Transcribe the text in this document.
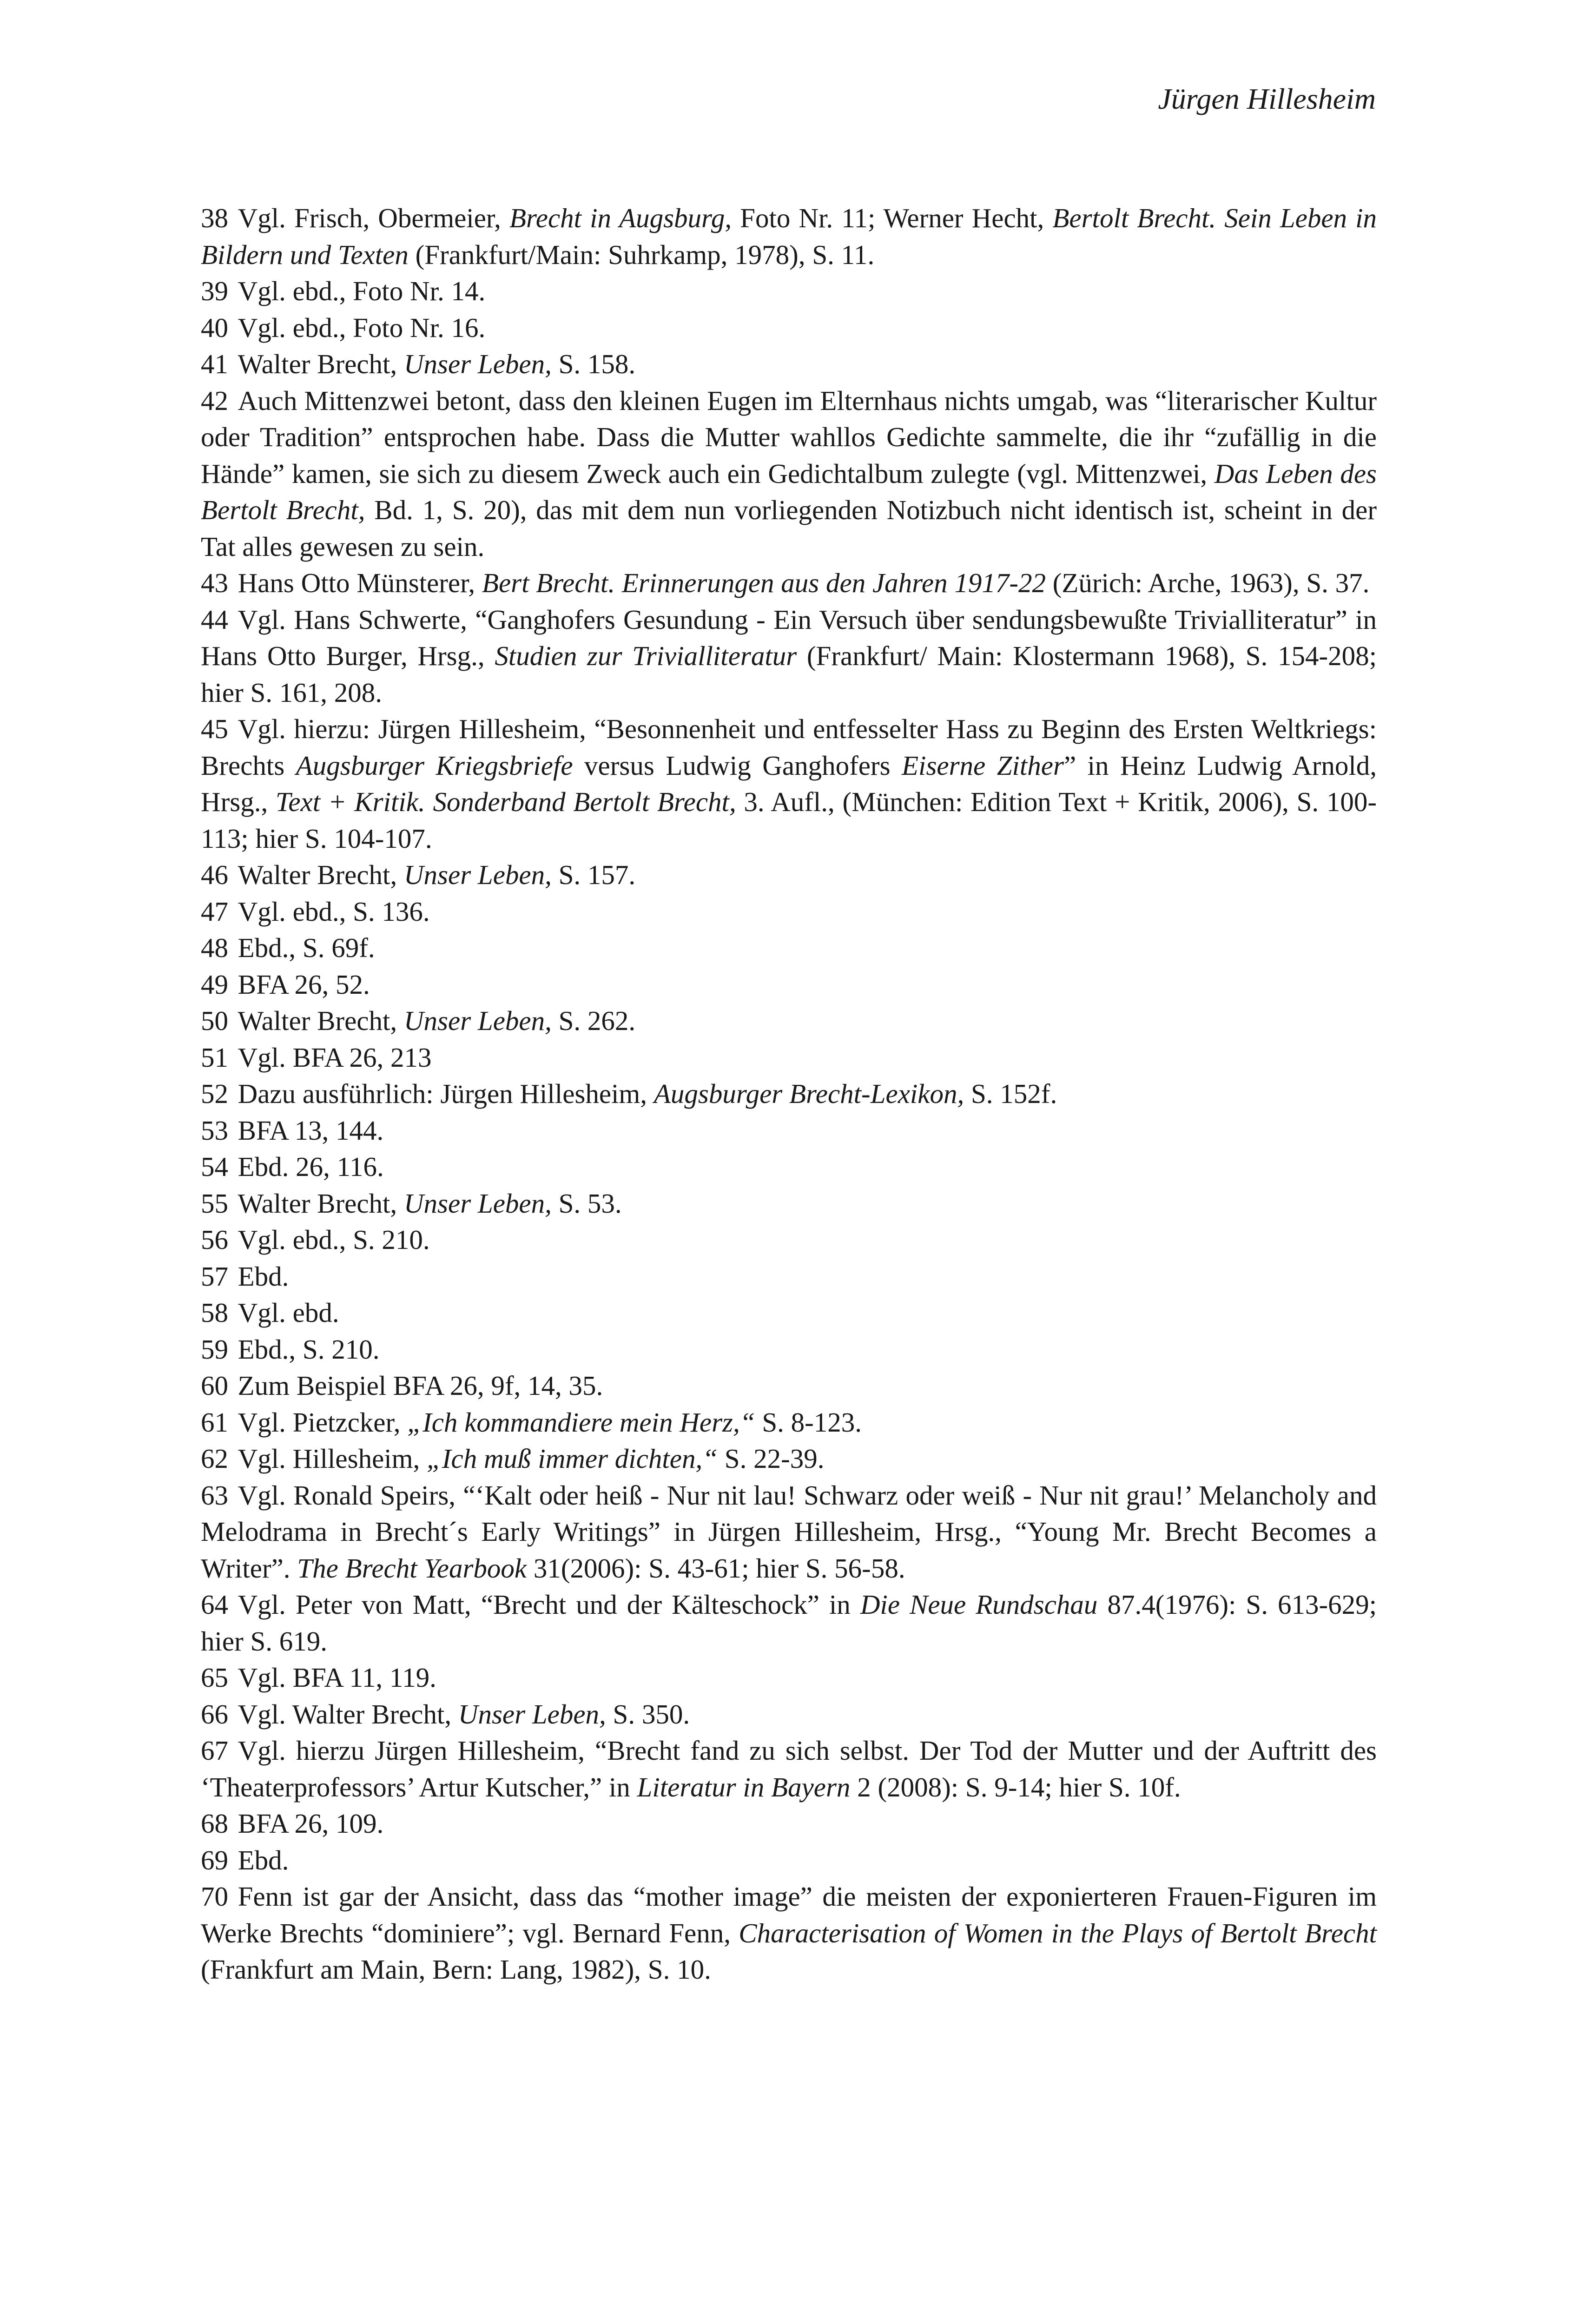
Jürgen Hillesheim
38 Vgl. Frisch, Obermeier, Brecht in Augsburg, Foto Nr. 11; Werner Hecht, Bertolt Brecht. Sein Leben in Bildern und Texten (Frankfurt/Main: Suhrkamp, 1978), S. 11.
39 Vgl. ebd., Foto Nr. 14.
40 Vgl. ebd., Foto Nr. 16.
41 Walter Brecht, Unser Leben, S. 158.
42 Auch Mittenzwei betont, dass den kleinen Eugen im Elternhaus nichts umgab, was “literarischer Kultur oder Tradition” entsprochen habe. Dass die Mutter wahllos Gedichte sammelte, die ihr “zufällig in die Hände” kamen, sie sich zu diesem Zweck auch ein Gedichtalbum zulegte (vgl. Mittenzwei, Das Leben des Bertolt Brecht, Bd. 1, S. 20), das mit dem nun vorliegenden Notizbuch nicht identisch ist, scheint in der Tat alles gewesen zu sein.
43 Hans Otto Münsterer, Bert Brecht. Erinnerungen aus den Jahren 1917-22 (Zürich: Arche, 1963), S. 37.
44 Vgl. Hans Schwerte, “Ganghofers Gesundung - Ein Versuch über sendungsbewußte Trivialliteratur” in Hans Otto Burger, Hrsg., Studien zur Trivialliteratur (Frankfurt/ Main: Klostermann 1968), S. 154-208; hier S. 161, 208.
45 Vgl. hierzu: Jürgen Hillesheim, “Besonnenheit und entfesselter Hass zu Beginn des Ersten Weltkriegs: Brechts Augsburger Kriegsbriefe versus Ludwig Ganghofers Eiserne Zither” in Heinz Ludwig Arnold, Hrsg., Text + Kritik. Sonderband Bertolt Brecht, 3. Aufl., (München: Edition Text + Kritik, 2006), S. 100-113; hier S. 104-107.
46 Walter Brecht, Unser Leben, S. 157.
47 Vgl. ebd., S. 136.
48 Ebd., S. 69f.
49 BFA 26, 52.
50 Walter Brecht, Unser Leben, S. 262.
51 Vgl. BFA 26, 213
52 Dazu ausführlich: Jürgen Hillesheim, Augsburger Brecht-Lexikon, S. 152f.
53 BFA 13, 144.
54 Ebd. 26, 116.
55 Walter Brecht, Unser Leben, S. 53.
56 Vgl. ebd., S. 210.
57 Ebd.
58 Vgl. ebd.
59 Ebd., S. 210.
60 Zum Beispiel BFA 26, 9f, 14, 35.
61 Vgl. Pietzcker, „Ich kommandiere mein Herz,“ S. 8-123.
62 Vgl. Hillesheim, „Ich muß immer dichten,“ S. 22-39.
63 Vgl. Ronald Speirs, “‘Kalt oder heiß - Nur nit lau! Schwarz oder weiß - Nur nit grau!’ Melancholy and Melodrama in Brecht´s Early Writings” in Jürgen Hillesheim, Hrsg., “Young Mr. Brecht Becomes a Writer”. The Brecht Yearbook 31(2006): S. 43-61; hier S. 56-58.
64 Vgl. Peter von Matt, “Brecht und der Kälteschock” in Die Neue Rundschau 87.4(1976): S. 613-629; hier S. 619.
65 Vgl. BFA 11, 119.
66 Vgl. Walter Brecht, Unser Leben, S. 350.
67 Vgl. hierzu Jürgen Hillesheim, “Brecht fand zu sich selbst. Der Tod der Mutter und der Auftritt des ‘Theaterprofessors’ Artur Kutscher,” in Literatur in Bayern 2 (2008): S. 9-14; hier S. 10f.
68 BFA 26, 109.
69 Ebd.
70 Fenn ist gar der Ansicht, dass das “mother image” die meisten der exponierteren Frauen-Figuren im Werke Brechts “dominiere”; vgl. Bernard Fenn, Characterisation of Women in the Plays of Bertolt Brecht (Frankfurt am Main, Bern: Lang, 1982), S. 10.
